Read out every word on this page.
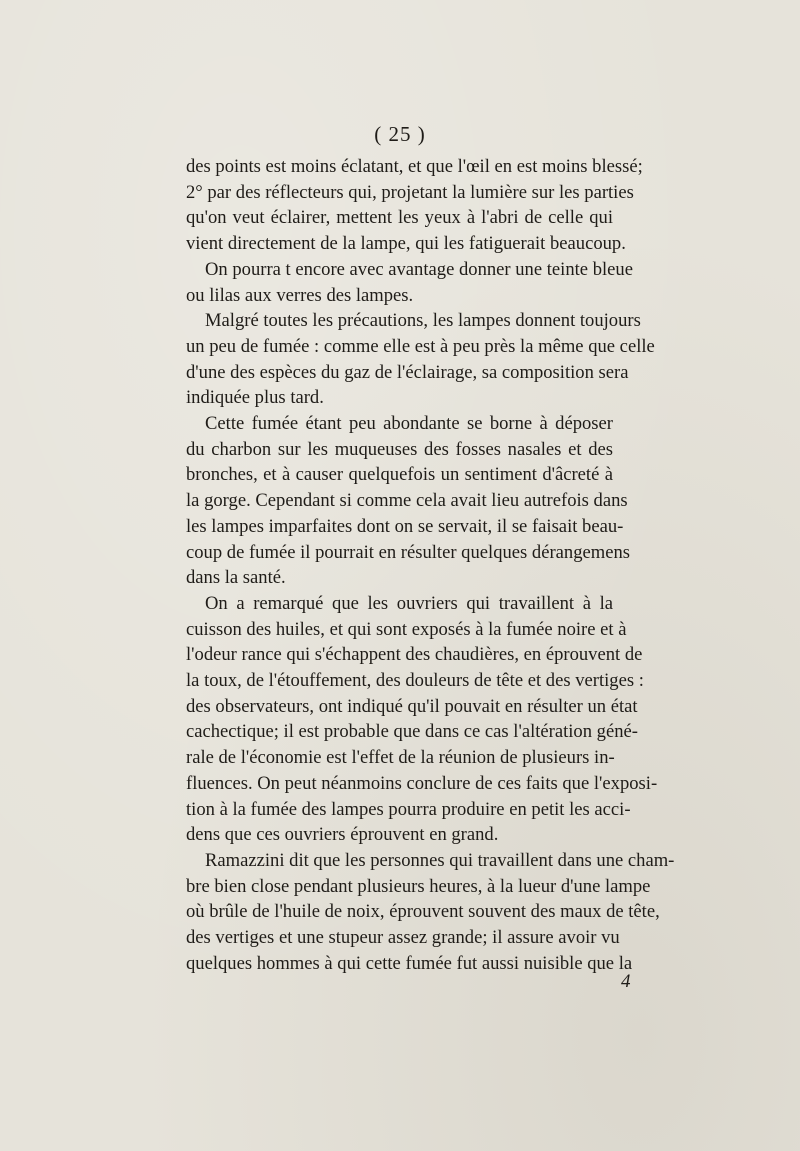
( 25 )
des points est moins éclatant, et que l'œil en est moins blessé;
2° par des réflecteurs qui, projetant la lumière sur les parties
qu'on veut éclairer, mettent les yeux à l'abri de celle qui
vient directement de la lampe, qui les fatiguerait beaucoup.
On pourra t encore avec avantage donner une teinte bleue
ou lilas aux verres des lampes.
Malgré toutes les précautions, les lampes donnent toujours
un peu de fumée : comme elle est à peu près la même que celle
d'une des espèces du gaz de l'éclairage, sa composition sera
indiquée plus tard.
Cette fumée étant peu abondante se borne à déposer
du charbon sur les muqueuses des fosses nasales et des
bronches, et à causer quelquefois un sentiment d'âcreté à
la gorge. Cependant si comme cela avait lieu autrefois dans
les lampes imparfaites dont on se servait, il se faisait beau-
coup de fumée il pourrait en résulter quelques dérangemens
dans la santé.
On a remarqué que les ouvriers qui travaillent à la
cuisson des huiles, et qui sont exposés à la fumée noire et à
l'odeur rance qui s'échappent des chaudières, en éprouvent de
la toux, de l'étouffement, des douleurs de tête et des vertiges :
des observateurs, ont indiqué qu'il pouvait en résulter un état
cachectique; il est probable que dans ce cas l'altération géné-
rale de l'économie est l'effet de la réunion de plusieurs in-
fluences. On peut néanmoins conclure de ces faits que l'exposi-
tion à la fumée des lampes pourra produire en petit les acci-
dens que ces ouvriers éprouvent en grand.
Ramazzini dit que les personnes qui travaillent dans une cham-
bre bien close pendant plusieurs heures, à la lueur d'une lampe
où brûle de l'huile de noix, éprouvent souvent des maux de tête,
des vertiges et une stupeur assez grande; il assure avoir vu
quelques hommes à qui cette fumée fut aussi nuisible que la
4
